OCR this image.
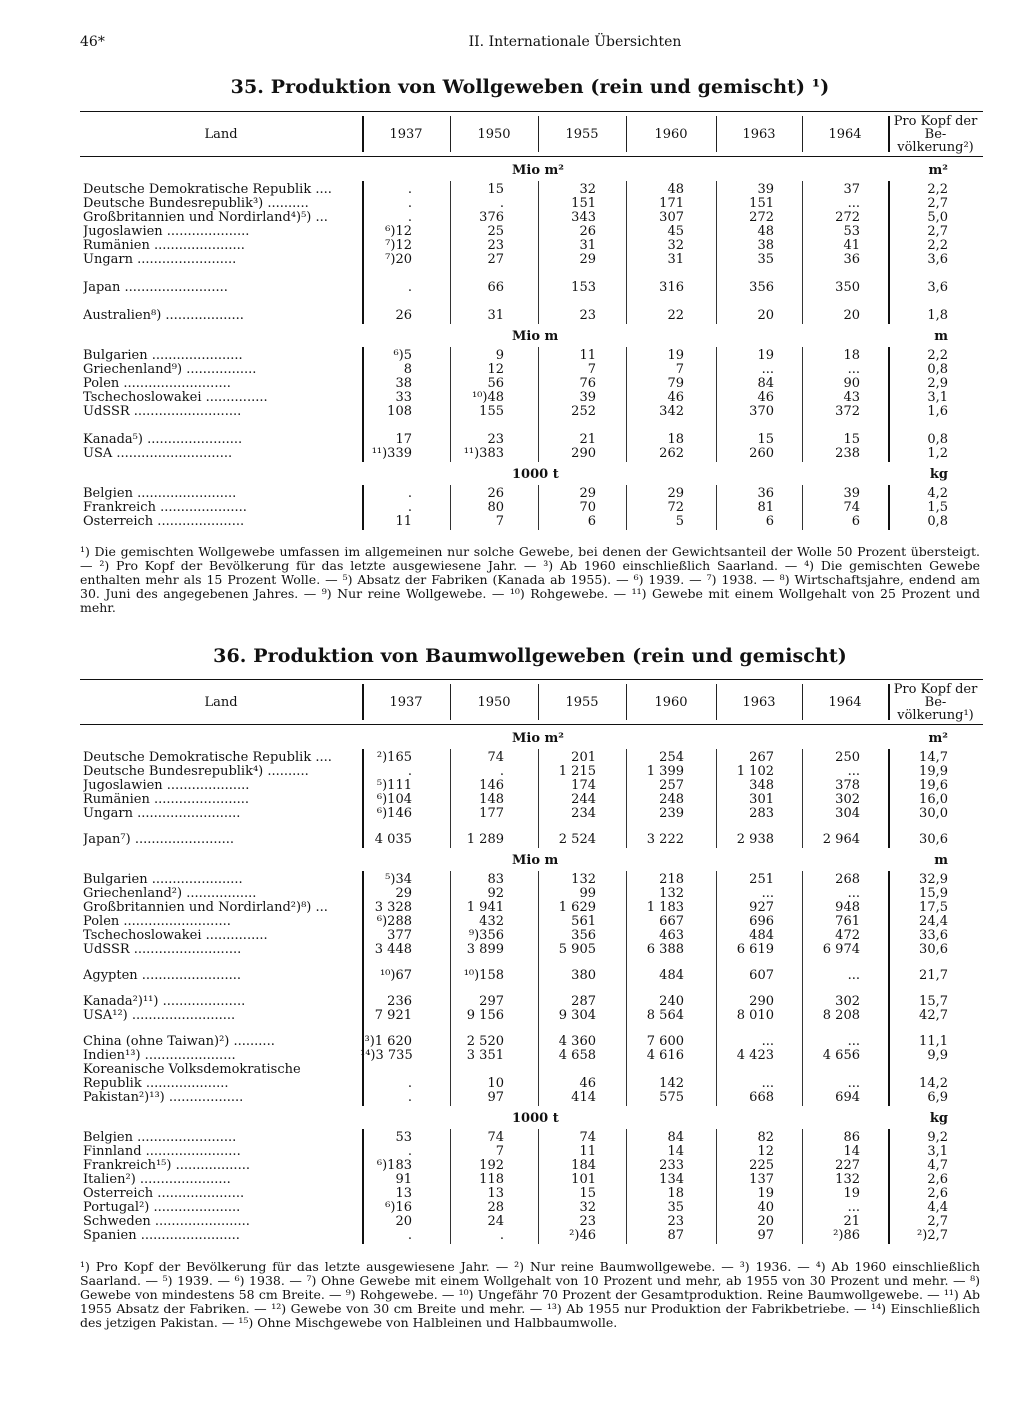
46*	II. Internationale Übersichten
35. Produktion von Wollgeweben (rein und gemischt) ¹)
Land	1937	1950	1955	1960	1963	1964
Pro Kopf der Be- völkerung²)
Mio m²	m²
Deutsche Demokratische Republik ....	.	15	32	48	39	37	2,2
Deutsche Bundesrepublik³) ..........	.	.	151	171	151	...	2,7
Großbritannien und Nordirland⁴)⁵) ...	.	376	343	307	272	272	5,0
Jugoslawien ....................	⁶)12	25	26	45	48	53	2,7
Rumänien ......................	⁷)12	23	31	32	38	41	2,2
Ungarn ........................	⁷)20	27	29	31	35	36	3,6
Japan .........................	.	66	153	316	356	350	3,6
Australien⁸) ...................	26	31	23	22	20	20	1,8
Mio m	m
Bulgarien ......................	⁶)5	9	11	19	19	18	2,2
Griechenland⁹) .................	8	12	7	7	...	...	0,8
Polen ..........................	38	56	76	79	84	90	2,9
Tschechoslowakei ...............	33	¹⁰)48	39	46	46	43	3,1
UdSSR ..........................	108	155	252	342	370	372	1,6
Kanada⁵) .......................	17	23	21	18	15	15	0,8
USA ............................	¹¹)339	¹¹)383	290	262	260	238	1,2
1000 t	kg
Belgien ........................	.	26	29	29	36	39	4,2
Frankreich .....................	.	80	70	72	81	74	1,5
Österreich .....................	11	7	6	5	6	6	0,8
¹) Die gemischten Wollgewebe umfassen im allgemeinen nur solche Gewebe, bei denen der Gewichtsanteil der Wolle 50 Prozent übersteigt. — ²) Pro Kopf der Bevölkerung für das letzte ausgewiesene Jahr. — ³) Ab 1960 einschließlich Saarland. — ⁴) Die gemischten Gewebe enthalten mehr als 15 Prozent Wolle. — ⁵) Absatz der Fabriken (Kanada ab 1955). — ⁶) 1939. — ⁷) 1938. — ⁸) Wirtschaftsjahre, endend am 30. Juni des angegebenen Jahres. — ⁹) Nur reine Wollgewebe. — ¹⁰) Rohgewebe. — ¹¹) Gewebe mit einem Wollgehalt von 25 Prozent und mehr.
36. Produktion von Baumwollgeweben (rein und gemischt)
Land	1937	1950	1955	1960	1963	1964
Pro Kopf der Be- völkerung¹)
Mio m²	m²
Deutsche Demokratische Republik ....	²)165	74	201	254	267	250	14,7
Deutsche Bundesrepublik⁴) ..........	.	.	1 215	1 399	1 102	...	19,9
Jugoslawien ....................	⁵)111	146	174	257	348	378	19,6
Rumänien .......................	⁶)104	148	244	248	301	302	16,0
Ungarn .........................	⁶)146	177	234	239	283	304	30,0
Japan⁷) ........................	4 035	1 289	2 524	3 222	2 938	2 964	30,6
Mio m	m
Bulgarien ......................	⁵)34	83	132	218	251	268	32,9
Griechenland²) .................	29	92	99	132	...	...	15,9
Großbritannien und Nordirland²)⁸) ...	3 328	1 941	1 629	1 183	927	948	17,5
Polen ..........................	⁶)288	432	561	667	696	761	24,4
Tschechoslowakei ...............	377	⁹)356	356	463	484	472	33,6
UdSSR ..........................	3 448	3 899	5 905	6 388	6 619	6 974	30,6
Ägypten ........................	¹⁰)67	¹⁰)158	380	484	607	...	21,7
Kanada²)¹¹) ....................	236	297	287	240	290	302	15,7
USA¹²) .........................	7 921	9 156	9 304	8 564	8 010	8 208	42,7
China (ohne Taiwan)²) ..........	³)1 620	2 520	4 360	7 600	...	...	11,1
Indien¹³) ......................	¹⁴)3 735	3 351	4 658	4 616	4 423	4 656	9,9
Koreanische Volksdemokratische
Republik ....................	.	10	46	142	...	...	14,2
Pakistan²)¹³) ..................	.	97	414	575	668	694	6,9
1000 t	kg
Belgien ........................	53	74	74	84	82	86	9,2
Finnland .......................	.	7	11	14	12	14	3,1
Frankreich¹⁵) ..................	⁶)183	192	184	233	225	227	4,7
Italien²) ......................	91	118	101	134	137	132	2,6
Österreich .....................	13	13	15	18	19	19	2,6
Portugal²) .....................	⁶)16	28	32	35	40	...	4,4
Schweden .......................	20	24	23	23	20	21	2,7
Spanien ........................	.	.	²)46	87	97	²)86	²)2,7
¹) Pro Kopf der Bevölkerung für das letzte ausgewiesene Jahr. — ²) Nur reine Baumwollgewebe. — ³) 1936. — ⁴) Ab 1960 einschließlich Saarland. — ⁵) 1939. — ⁶) 1938. — ⁷) Ohne Gewebe mit einem Wollgehalt von 10 Prozent und mehr, ab 1955 von 30 Prozent und mehr. — ⁸) Gewebe von mindestens 58 cm Breite. — ⁹) Rohgewebe. — ¹⁰) Ungefähr 70 Prozent der Gesamtproduktion. Reine Baumwollgewebe. — ¹¹) Ab 1955 Absatz der Fabriken. — ¹²) Gewebe von 30 cm Breite und mehr. — ¹³) Ab 1955 nur Produktion der Fabrikbetriebe. — ¹⁴) Einschließlich des jetzigen Pakistan. — ¹⁵) Ohne Mischgewebe von Halbleinen und Halbbaumwolle.
